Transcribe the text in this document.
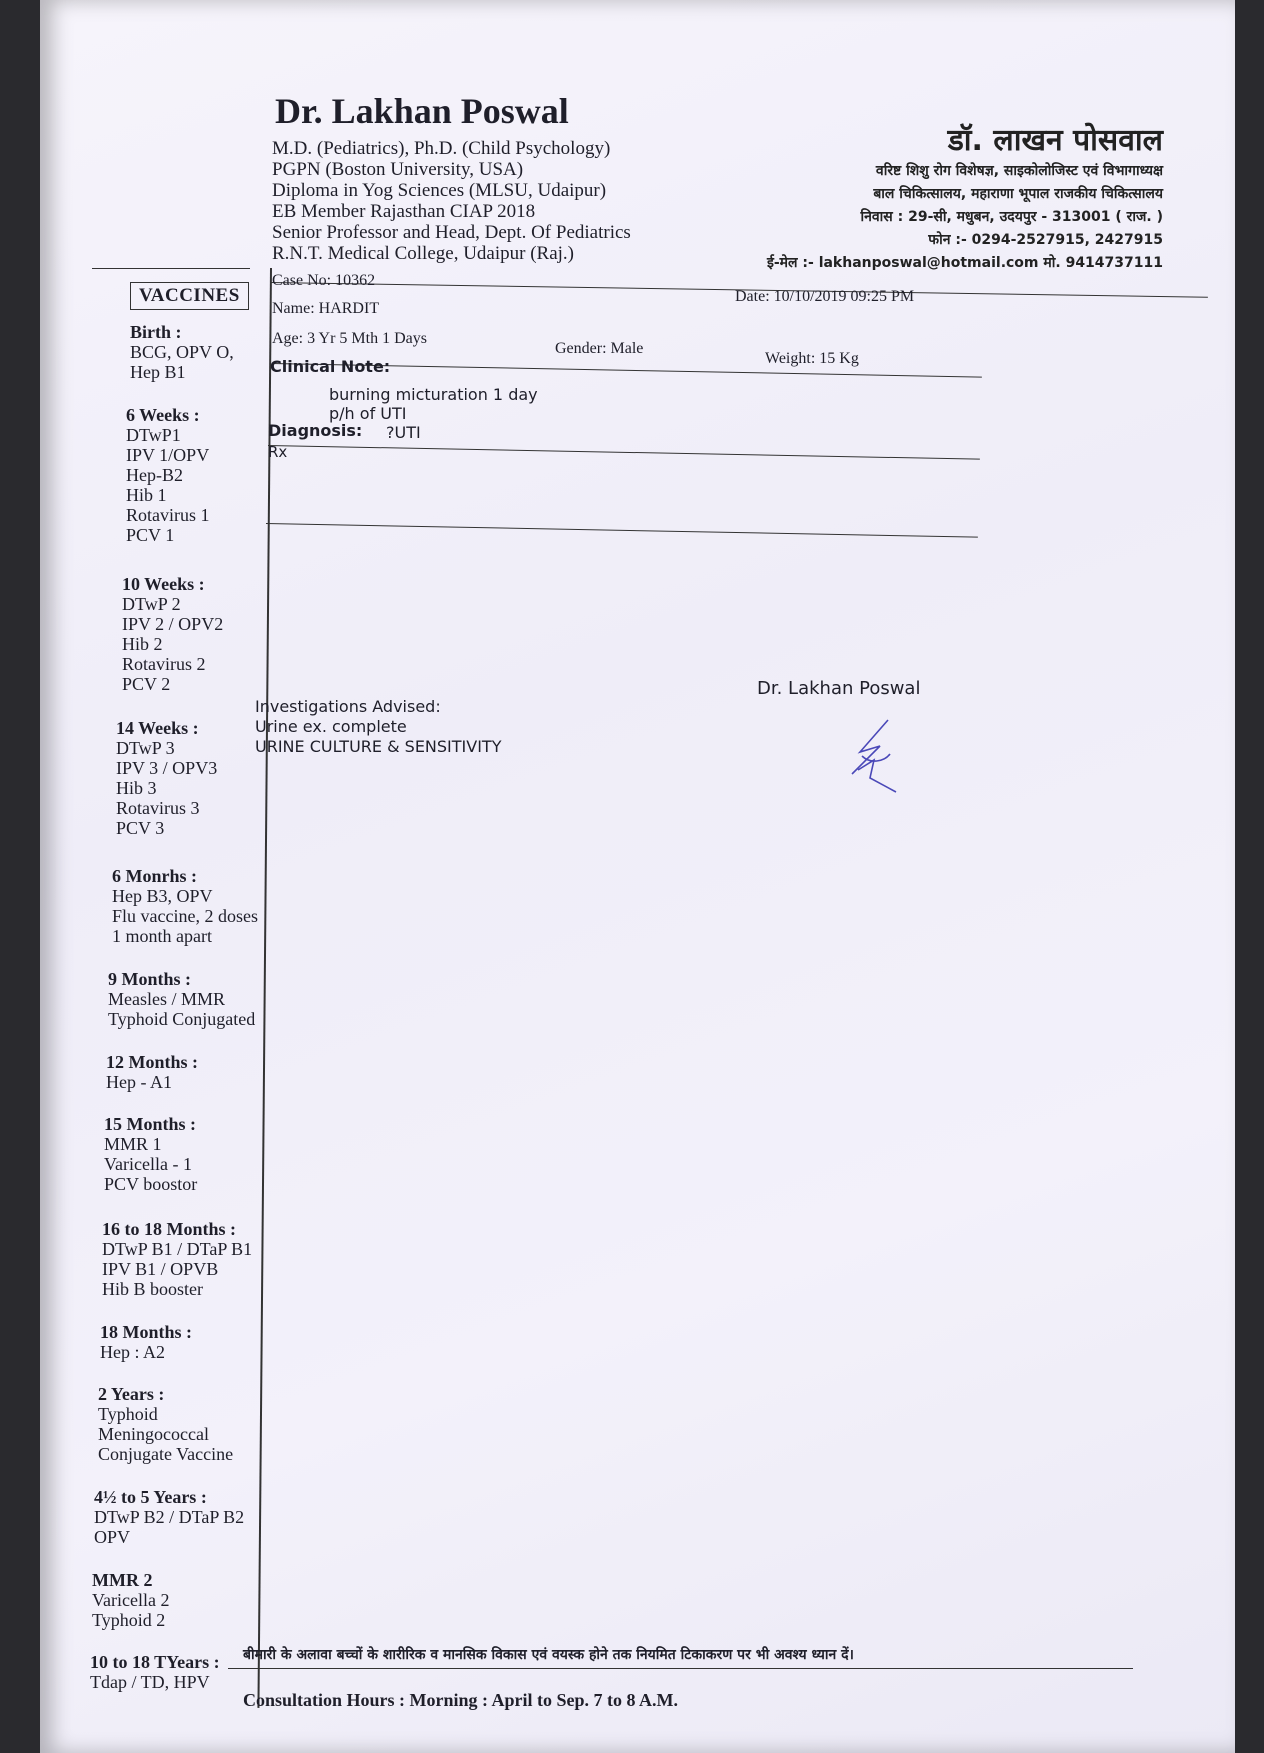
Dr. Lakhan Poswal
M.D. (Pediatrics), Ph.D. (Child Psychology)
PGPN (Boston University, USA)
Diploma in Yog Sciences (MLSU, Udaipur)
EB Member Rajasthan CIAP 2018
Senior Professor and Head, Dept. Of Pediatrics
R.N.T. Medical College, Udaipur (Raj.)
डॉ. लाखन पोसवाल
वरिष्ट शिशु रोग विशेषज्ञ, साइकोलोजिस्ट एवं विभागाध्यक्ष
बाल चिकित्सालय, महाराणा भूपाल राजकीय चिकित्सालय
निवास : 29-सी, मधुबन, उदयपुर - 313001 ( राज. )
फोन :- 0294-2527915, 2427915
ई-मेल :- lakhanposwal@hotmail.com मो. 9414737111
VACCINES
Birth :
BCG, OPV O,
Hep B1
6 Weeks :
DTwP1
IPV 1/OPV
Hep-B2
Hib 1
Rotavirus 1
PCV 1
10 Weeks :
DTwP 2
IPV 2 / OPV2
Hib 2
Rotavirus 2
PCV 2
14 Weeks :
DTwP 3
IPV 3 / OPV3
Hib 3
Rotavirus 3
PCV 3
6 Monrhs :
Hep B3, OPV
Flu vaccine, 2 doses
1 month apart
9 Months :
Measles / MMR
Typhoid Conjugated
12 Months :
Hep - A1
15 Months :
MMR 1
Varicella - 1
PCV boostor
16 to 18 Months :
DTwP B1 / DTaP B1
IPV B1 / OPVB
Hib B booster
18 Months :
Hep : A2
2 Years :
Typhoid
Meningococcal
Conjugate Vaccine
4½ to 5 Years :
DTwP B2 / DTaP B2
OPV
MMR 2
Varicella 2
Typhoid 2
10 to 18 TYears :
Tdap / TD, HPV
Case No: 10362
Date: 10/10/2019 09:25 PM
Name: HARDIT
Age: 3 Yr 5 Mth 1 Days
Gender: Male
Weight: 15 Kg
Clinical Note:
burning micturation 1 day
p/h of UTI
Diagnosis: ?UTI
Rx
Dr. Lakhan Poswal
Investigations Advised:
Urine ex. complete
URINE CULTURE & SENSITIVITY
बीमारी के अलावा बच्चों के शारीरिक व मानसिक विकास एवं वयस्क होने तक नियमित टिकाकरण पर भी अवश्य ध्यान दें।
Consultation Hours : Morning : April to Sep. 7 to 8 A.M.
